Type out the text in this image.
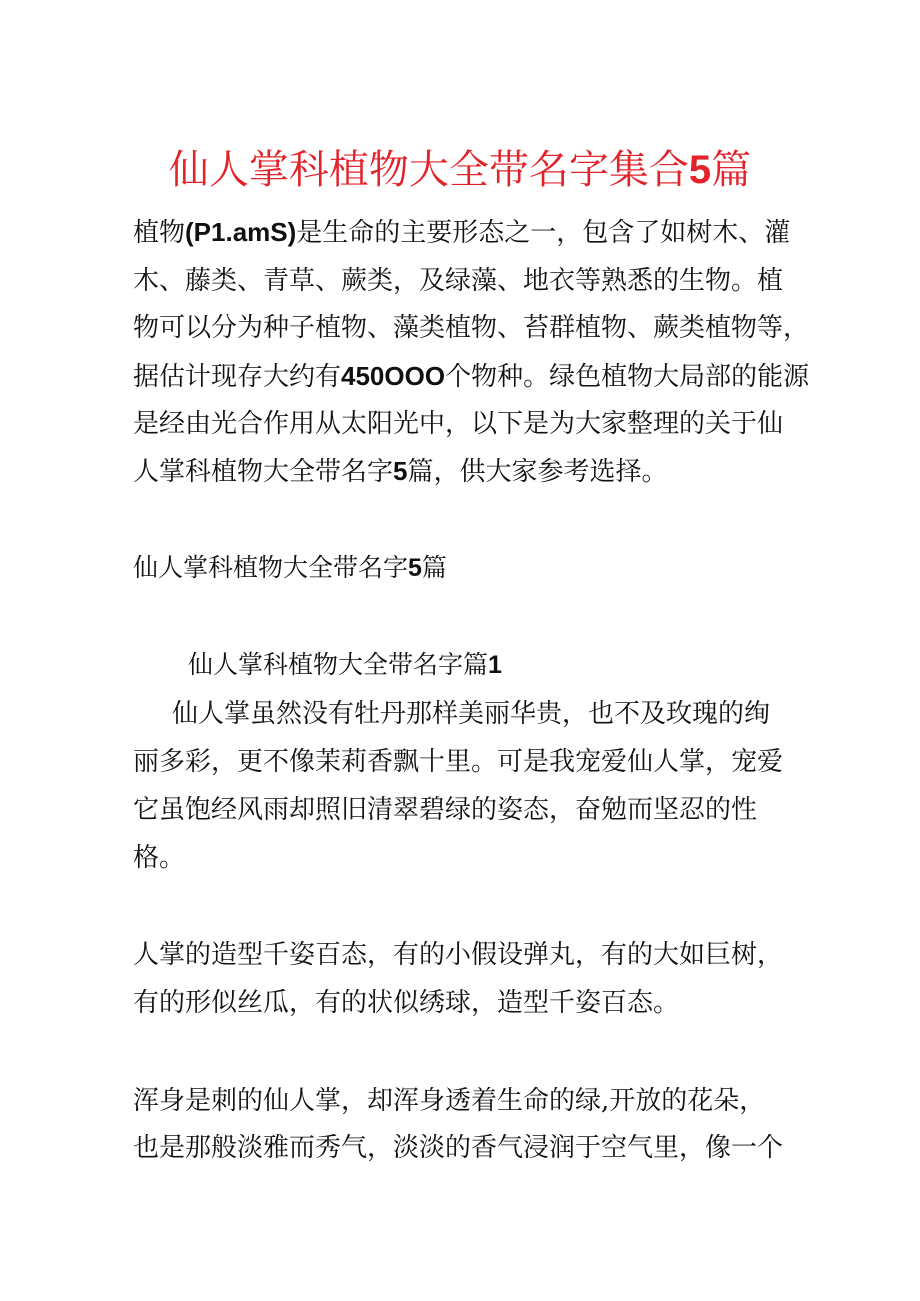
仙人掌科植物大全带名字集合5篇
植物(P1.amS)是生命的主要形态之一，包含了如树木、灌
木、藤类、青草、蕨类，及绿藻、地衣等熟悉的生物。植
物可以分为种子植物、藻类植物、苔群植物、蕨类植物等，
据估计现存大约有450OOO个物种。绿色植物大局部的能源
是经由光合作用从太阳光中，以下是为大家整理的关于仙
人掌科植物大全带名字5篇，供大家参考选择。
仙人掌科植物大全带名字5篇
仙人掌科植物大全带名字篇1
仙人掌虽然没有牡丹那样美丽华贵，也不及玫瑰的绚
丽多彩，更不像茉莉香飘十里。可是我宠爱仙人掌，宠爱
它虽饱经风雨却照旧清翠碧绿的姿态，奋勉而坚忍的性
格。
人掌的造型千姿百态，有的小假设弹丸，有的大如巨树，
有的形似丝瓜，有的状似绣球，造型千姿百态。
浑身是刺的仙人掌，却浑身透着生命的绿,开放的花朵，
也是那般淡雅而秀气，淡淡的香气浸润于空气里，像一个
